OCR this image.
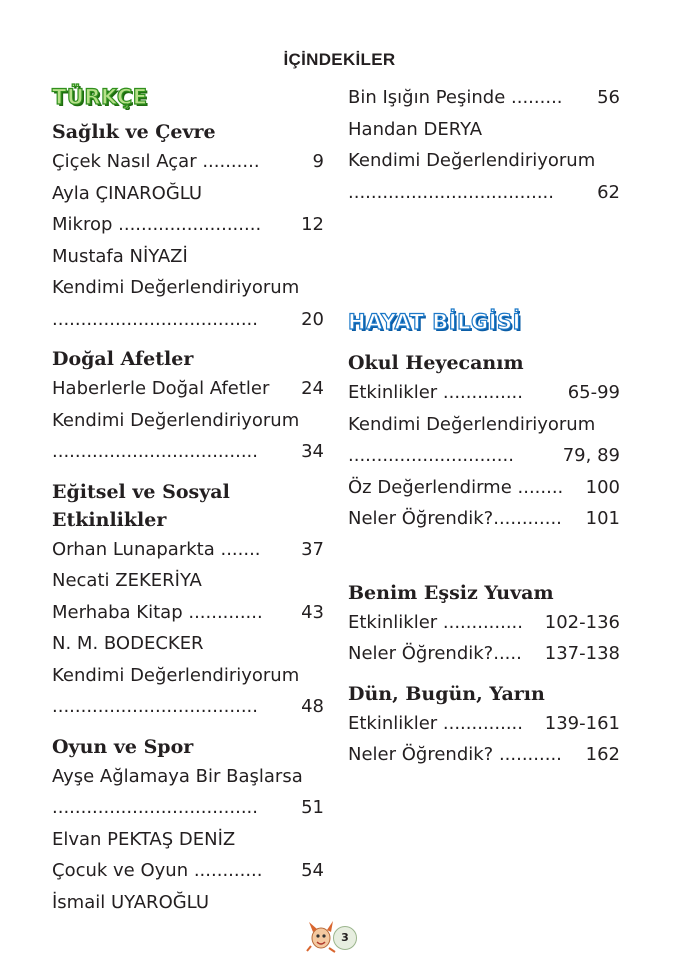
İÇİNDEKİLER
TÜRKÇE
Sağlık ve Çevre
Çiçek Nasıl Açar ..........	9
Ayla ÇINAROĞLU
Mikrop ......................... 12
Mustafa NİYAZİ
Kendimi Değerlendiriyorum
.................................... 20
Doğal Afetler
Haberlerle Doğal Afetler 24
Kendimi Değerlendiriyorum
.................................... 34
Eğitsel ve Sosyal
Etkinlikler
Orhan Lunaparkta ....... 37
Necati ZEKERİYA
Merhaba Kitap ............. 43
N. M. BODECKER
Kendimi Değerlendiriyorum
.................................... 48
Oyun ve Spor
Ayşe Ağlamaya Bir Başlarsa
.................................... 51
Elvan PEKTAŞ DENİZ
Çocuk ve Oyun ............ 54
İsmail UYAROĞLU
Bin Işığın Peşinde ......... 56
Handan DERYA
Kendimi Değerlendiriyorum
.................................... 62
HAYAT BİLGİSİ
Okul Heyecanım
Etkinlikler .............. 65-99
Kendimi Değerlendiriyorum
.............................	79, 89
Öz Değerlendirme ........ 100
Neler Öğrendik?............ 101
Benim Eşsiz Yuvam
Etkinlikler .............. 102-136
Neler Öğrendik?..... 137-138
Dün, Bugün, Yarın
Etkinlikler .............. 139-161
Neler Öğrendik? ........... 162
3
